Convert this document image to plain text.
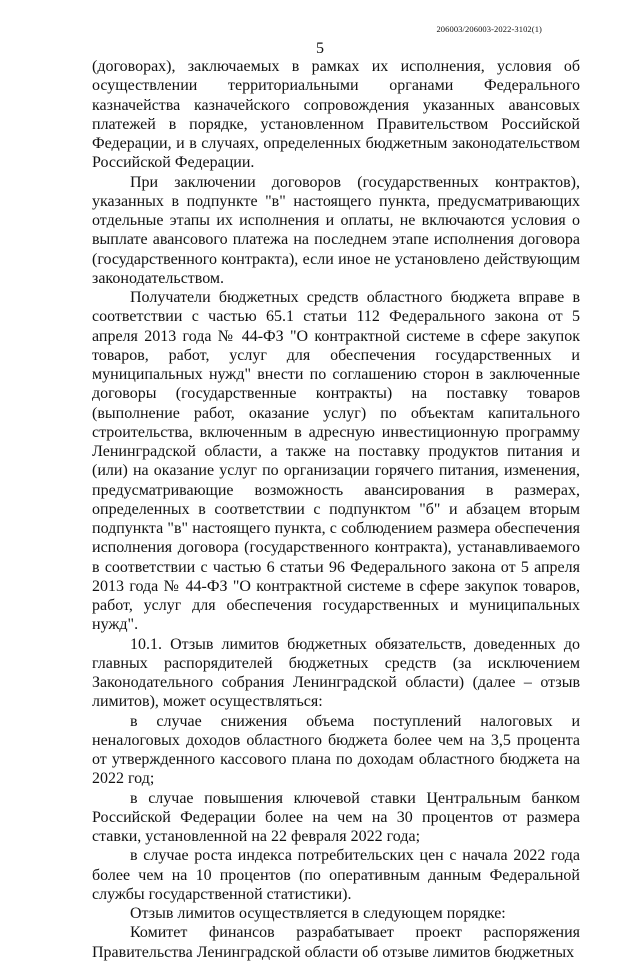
206003/206003-2022-3102(1)
5

(договорах), заключаемых в рамках их исполнения, условия об осуществлении территориальными органами Федерального казначейства казначейского сопровождения указанных авансовых платежей в порядке, установленном Правительством Российской Федерации, и в случаях, определенных бюджетным законодательством Российской Федерации.

При заключении договоров (государственных контрактов), указанных в подпункте "в" настоящего пункта, предусматривающих отдельные этапы их исполнения и оплаты, не включаются условия о выплате авансового платежа на последнем этапе исполнения договора (государственного контракта), если иное не установлено действующим законодательством.

Получатели бюджетных средств областного бюджета вправе в соответствии с частью 65.1 статьи 112 Федерального закона от 5 апреля 2013 года № 44-ФЗ "О контрактной системе в сфере закупок товаров, работ, услуг для обеспечения государственных и муниципальных нужд" внести по соглашению сторон в заключенные договоры (государственные контракты) на поставку товаров (выполнение работ, оказание услуг) по объектам капитального строительства, включенным в адресную инвестиционную программу Ленинградской области, а также на поставку продуктов питания и (или) на оказание услуг по организации горячего питания, изменения, предусматривающие возможность авансирования в размерах, определенных в соответствии с подпунктом "б" и абзацем вторым подпункта "в" настоящего пункта, с соблюдением размера обеспечения исполнения договора (государственного контракта), устанавливаемого в соответствии с частью 6 статьи 96 Федерального закона от 5 апреля 2013 года № 44-ФЗ "О контрактной системе в сфере закупок товаров, работ, услуг для обеспечения государственных и муниципальных нужд".

10.1. Отзыв лимитов бюджетных обязательств, доведенных до главных распорядителей бюджетных средств (за исключением Законодательного собрания Ленинградской области) (далее – отзыв лимитов), может осуществляться:

в случае снижения объема поступлений налоговых и неналоговых доходов областного бюджета более чем на 3,5 процента от утвержденного кассового плана по доходам областного бюджета на 2022 год;

в случае повышения ключевой ставки Центральным банком Российской Федерации более на чем на 30 процентов от размера ставки, установленной на 22 февраля 2022 года;

в случае роста индекса потребительских цен с начала 2022 года более чем на 10 процентов (по оперативным данным Федеральной службы государственной статистики).

Отзыв лимитов осуществляется в следующем порядке:

Комитет финансов разрабатывает проект распоряжения Правительства Ленинградской области об отзыве лимитов бюджетных
